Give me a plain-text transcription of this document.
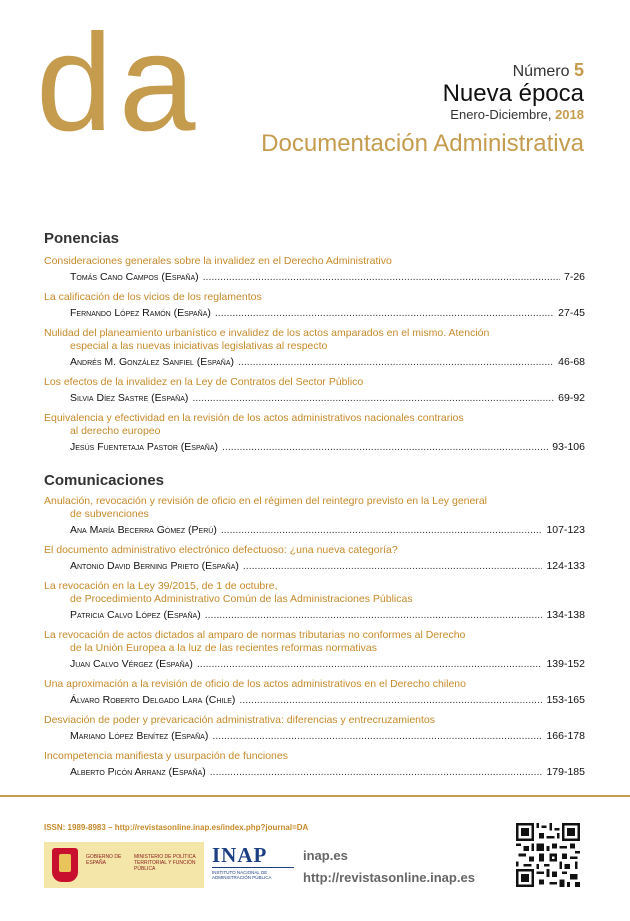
da	Número 5
Nueva época
Enero-Diciembre, 2018
Documentación Administrativa
Ponencias
Consideraciones generales sobre la invalidez en el Derecho Administrativo
Tomás Cano Campos (España) .....	7-26
La calificación de los vicios de los reglamentos
Fernando López Ramón (España) .....	27-45
Nulidad del planeamiento urbanístico e invalidez de los actos amparados en el mismo. Atención
especial a las nuevas iniciativas legislativas al respecto
Andrés M. González Sanfiel (España) .....	46-68
Los efectos de la invalidez en la Ley de Contratos del Sector Público
Silvia Díez Sastre (España) .....	69-92
Equivalencia y efectividad en la revisión de los actos administrativos nacionales contrarios
al derecho europeo
Jesús Fuentetaja Pastor (España) .....	93-106
Comunicaciones
Anulación, revocación y revisión de oficio en el régimen del reintegro previsto en la Ley general
de subvenciones
Ana María Becerra Gómez (Perú) .....	107-123
El documento administrativo electrónico defectuoso: ¿una nueva categoría?
Antonio David Berning Prieto (España) .....	124-133
La revocación en la Ley 39/2015, de 1 de octubre,
de Procedimiento Administrativo Común de las Administraciones Públicas
Patricia Calvo López (España) .....	134-138
La revocación de actos dictados al amparo de normas tributarias no conformes al Derecho
de la Unión Europea a la luz de las recientes reformas normativas
Juan Calvo Vérgez (España) .....	139-152
Una aproximación a la revisión de oficio de los actos administrativos en el Derecho chileno
Álvaro Roberto Delgado Lara (Chile) .....	153-165
Desviación de poder y prevaricación administrativa: diferencias y entrecruzamientos
Mariano López Benítez (España) .....	166-178
Incompetencia manifiesta y usurpación de funciones
Alberto Picón Arranz (España) .....	179-185
ISSN: 1989-8983 – http://revistasonline.inap.es/index.php?journal=DA
GOBIERNO DE ESPAÑA
MINISTERIO DE POLÍTICA TERRITORIAL Y FUNCIÓN PÚBLICA
INAP
INSTITUTO NACIONAL DE ADMINISTRACIÓN PÚBLICA
inap.es
http://revistasonline.inap.es
